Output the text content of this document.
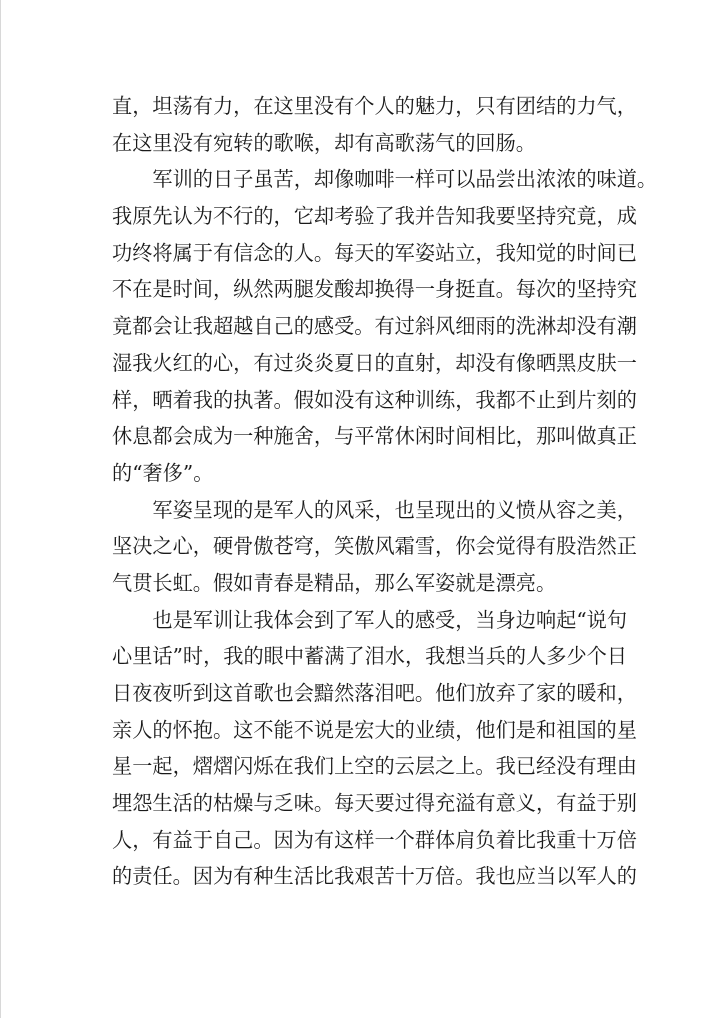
直，坦荡有力，在这里没有个人的魅力，只有团结的力气，
在这里没有宛转的歌喉，却有高歌荡气的回肠。
　　军训的日子虽苦，却像咖啡一样可以品尝出浓浓的味道。
我原先认为不行的，它却考验了我并告知我要坚持究竟，成
功终将属于有信念的人。每天的军姿站立，我知觉的时间已
不在是时间，纵然两腿发酸却换得一身挺直。每次的坚持究
竟都会让我超越自己的感受。有过斜风细雨的洗淋却没有潮
湿我火红的心，有过炎炎夏日的直射，却没有像晒黑皮肤一
样，晒着我的执著。假如没有这种训练，我都不止到片刻的
休息都会成为一种施舍，与平常休闲时间相比，那叫做真正
的“奢侈”。
　　军姿呈现的是军人的风采，也呈现出的义愤从容之美，
坚决之心，硬骨傲苍穹，笑傲风霜雪，你会觉得有股浩然正
气贯长虹。假如青春是精品，那么军姿就是漂亮。
　　也是军训让我体会到了军人的感受，当身边响起“说句
心里话”时，我的眼中蓄满了泪水，我想当兵的人多少个日
日夜夜听到这首歌也会黯然落泪吧。他们放弃了家的暖和，
亲人的怀抱。这不能不说是宏大的业绩，他们是和祖国的星
星一起，熠熠闪烁在我们上空的云层之上。我已经没有理由
埋怨生活的枯燥与乏味。每天要过得充溢有意义，有益于别
人，有益于自己。因为有这样一个群体肩负着比我重十万倍
的责任。因为有种生活比我艰苦十万倍。我也应当以军人的
